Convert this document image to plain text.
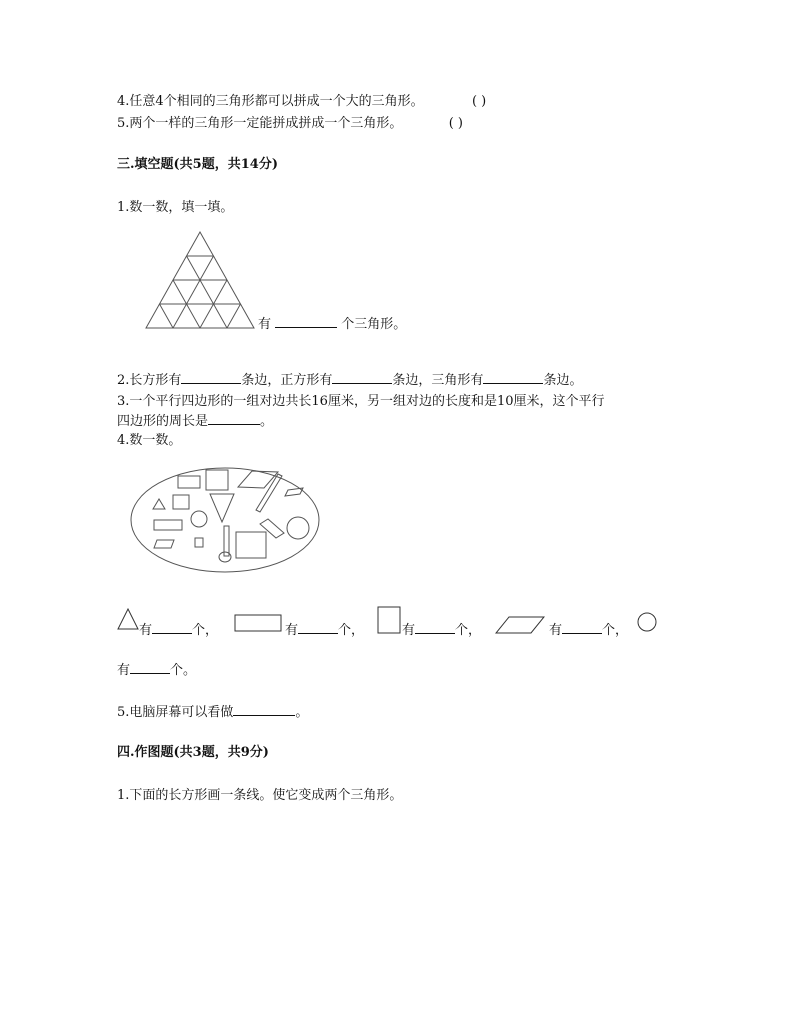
4.任意4个相同的三角形都可以拼成一个大的三角形。	( )
5.两个一样的三角形一定能拼成拼成一个三角形。	( )
三.填空题(共5题，共14分)
1.数一数，填一填。
有	个三角形。
2.长方形有	条边，正方形有	条边，三角形有	条边。
3.一个平行四边形的一组对边共长16厘米，另一组对边的长度和是10厘米，这个平行
四边形的周长是	。
4.数一数。
有	个，	有	个，	有	个，	有	个，
有	个。
5.电脑屏幕可以看做	。
四.作图题(共3题，共9分)
1.下面的长方形画一条线。使它变成两个三角形。
